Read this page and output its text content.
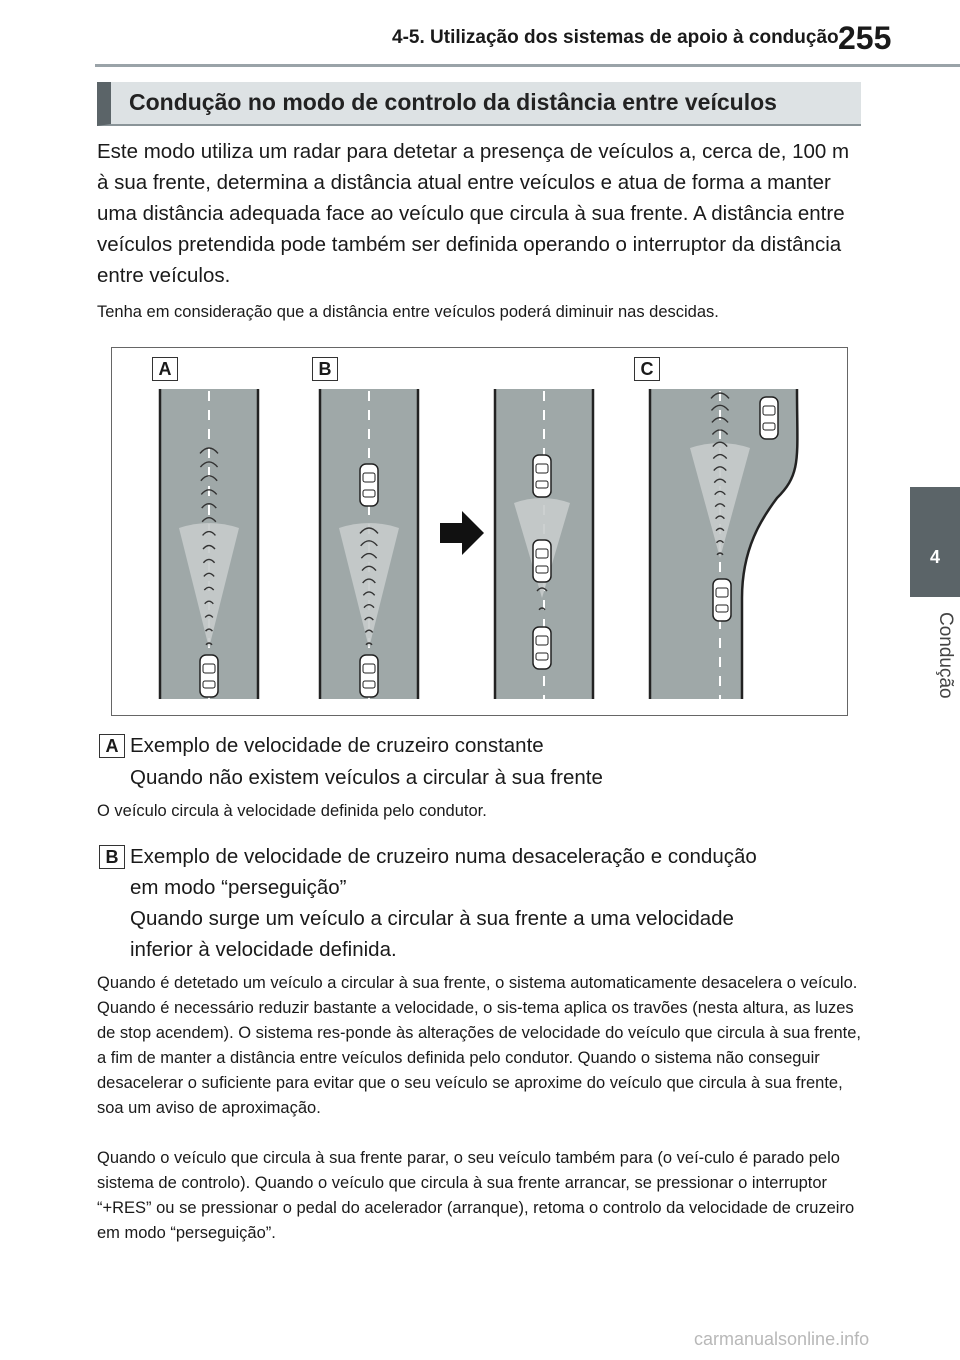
4-5. Utilização dos sistemas de apoio à condução 255
4
Condução
Condução no modo de controlo da distância entre veículos

Este modo utiliza um radar para detetar a presença de veículos a, cerca de, 100 m à sua frente, determina a distância atual entre veículos e atua de forma a manter uma distância adequada face ao veículo que circula à sua frente. A distância entre veículos pretendida pode também ser definida operando o interruptor da distância entre veículos.

Tenha em consideração que a distância entre veículos poderá diminuir nas descidas.

A	B	C
A Exemplo de velocidade de cruzeiro constante
Quando não existem veículos a circular à sua frente

O veículo circula à velocidade definida pelo condutor.

B Exemplo de velocidade de cruzeiro numa desaceleração e condução
em modo “perseguição”
Quando surge um veículo a circular à sua frente a uma velocidade
inferior à velocidade definida.

Quando é detetado um veículo a circular à sua frente, o sistema automaticamente desacelera o veículo. Quando é necessário reduzir bastante a velocidade, o sis-tema aplica os travões (nesta altura, as luzes de stop acendem). O sistema res-ponde às alterações de velocidade do veículo que circula à sua frente, a fim de manter a distância entre veículos definida pelo condutor. Quando o sistema não conseguir desacelerar o suficiente para evitar que o seu veículo se aproxime do veículo que circula à sua frente, soa um aviso de aproximação.

Quando o veículo que circula à sua frente parar, o seu veículo também para (o veí-culo é parado pelo sistema de controlo). Quando o veículo que circula à sua frente arrancar, se pressionar o interruptor “+RES” ou se pressionar o pedal do acelerador (arranque), retoma o controlo da velocidade de cruzeiro em modo “perseguição”.

carmanualsonline.info
